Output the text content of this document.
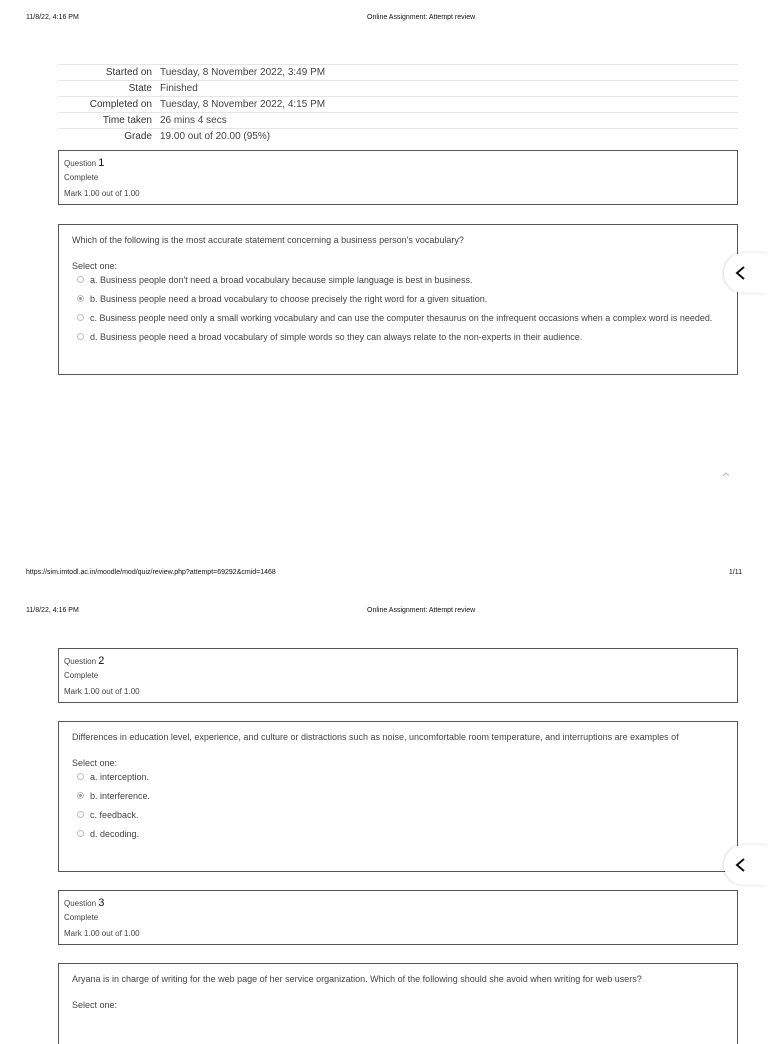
11/8/22, 4:16 PM	Online Assignment: Attempt review
Started on	Tuesday, 8 November 2022, 3:49 PM
State	Finished
Completed on	Tuesday, 8 November 2022, 4:15 PM
Time taken	26 mins 4 secs
Grade	19.00 out of 20.00 (95%)
Question 1
Complete
Mark 1.00 out of 1.00
Which of the following is the most accurate statement concerning a business person's vocabulary?
Select one:
a. Business people don't need a broad vocabulary because simple language is best in business.
b. Business people need a broad vocabulary to choose precisely the right word for a given situation.
c. Business people need only a small working vocabulary and can use the computer thesaurus on the infrequent occasions when a complex word is needed.
d. Business people need a broad vocabulary of simple words so they can always relate to the non-experts in their audience.
https://sim.imtodl.ac.in/moodle/mod/quiz/review.php?attempt=69292&cmid=1468	1/11
11/8/22, 4:16 PM	Online Assignment: Attempt review
Question 2
Complete
Mark 1.00 out of 1.00
Differences in education level, experience, and culture or distractions such as noise, uncomfortable room temperature, and interruptions are examples of
Select one:
a. interception.
b. interference.
c. feedback.
d. decoding.
Question 3
Complete
Mark 1.00 out of 1.00
Aryana is in charge of writing for the web page of her service organization. Which of the following should she avoid when writing for web users?
Select one:
